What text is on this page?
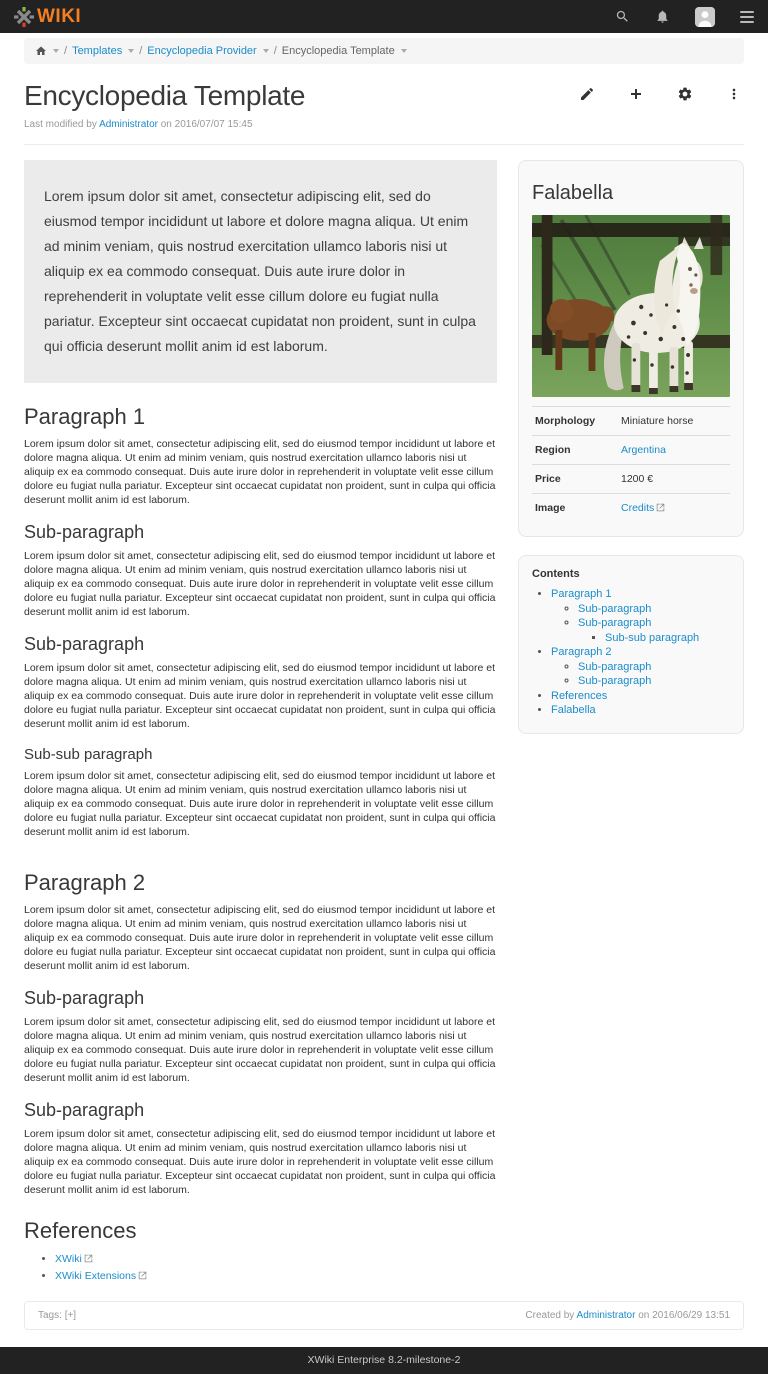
WIKI
/ Templates / Encyclopedia Provider / Encyclopedia Template
Encyclopedia Template
Last modified by Administrator on 2016/07/07 15:45
Lorem ipsum dolor sit amet, consectetur adipiscing elit, sed do eiusmod tempor incididunt ut labore et dolore magna aliqua. Ut enim ad minim veniam, quis nostrud exercitation ullamco laboris nisi ut aliquip ex ea commodo consequat. Duis aute irure dolor in reprehenderit in voluptate velit esse cillum dolore eu fugiat nulla pariatur. Excepteur sint occaecat cupidatat non proident, sunt in culpa qui officia deserunt mollit anim id est laborum.
Paragraph 1

Lorem ipsum dolor sit amet, consectetur adipiscing elit, sed do eiusmod tempor incididunt ut labore et dolore magna aliqua. Ut enim ad minim veniam, quis nostrud exercitation ullamco laboris nisi ut aliquip ex ea commodo consequat. Duis aute irure dolor in reprehenderit in voluptate velit esse cillum dolore eu fugiat nulla pariatur. Excepteur sint occaecat cupidatat non proident, sunt in culpa qui officia deserunt mollit anim id est laborum.

Sub-paragraph

Lorem ipsum dolor sit amet, consectetur adipiscing elit, sed do eiusmod tempor incididunt ut labore et dolore magna aliqua. Ut enim ad minim veniam, quis nostrud exercitation ullamco laboris nisi ut aliquip ex ea commodo consequat. Duis aute irure dolor in reprehenderit in voluptate velit esse cillum dolore eu fugiat nulla pariatur. Excepteur sint occaecat cupidatat non proident, sunt in culpa qui officia deserunt mollit anim id est laborum.

Sub-paragraph

Lorem ipsum dolor sit amet, consectetur adipiscing elit, sed do eiusmod tempor incididunt ut labore et dolore magna aliqua. Ut enim ad minim veniam, quis nostrud exercitation ullamco laboris nisi ut aliquip ex ea commodo consequat. Duis aute irure dolor in reprehenderit in voluptate velit esse cillum dolore eu fugiat nulla pariatur. Excepteur sint occaecat cupidatat non proident, sunt in culpa qui officia deserunt mollit anim id est laborum.

Sub-sub paragraph

Lorem ipsum dolor sit amet, consectetur adipiscing elit, sed do eiusmod tempor incididunt ut labore et dolore magna aliqua. Ut enim ad minim veniam, quis nostrud exercitation ullamco laboris nisi ut aliquip ex ea commodo consequat. Duis aute irure dolor in reprehenderit in voluptate velit esse cillum dolore eu fugiat nulla pariatur. Excepteur sint occaecat cupidatat non proident, sunt in culpa qui officia deserunt mollit anim id est laborum.

Paragraph 2

Lorem ipsum dolor sit amet, consectetur adipiscing elit, sed do eiusmod tempor incididunt ut labore et dolore magna aliqua. Ut enim ad minim veniam, quis nostrud exercitation ullamco laboris nisi ut aliquip ex ea commodo consequat. Duis aute irure dolor in reprehenderit in voluptate velit esse cillum dolore eu fugiat nulla pariatur. Excepteur sint occaecat cupidatat non proident, sunt in culpa qui officia deserunt mollit anim id est laborum.

Sub-paragraph

Lorem ipsum dolor sit amet, consectetur adipiscing elit, sed do eiusmod tempor incididunt ut labore et dolore magna aliqua. Ut enim ad minim veniam, quis nostrud exercitation ullamco laboris nisi ut aliquip ex ea commodo consequat. Duis aute irure dolor in reprehenderit in voluptate velit esse cillum dolore eu fugiat nulla pariatur. Excepteur sint occaecat cupidatat non proident, sunt in culpa qui officia deserunt mollit anim id est laborum.

Sub-paragraph

Lorem ipsum dolor sit amet, consectetur adipiscing elit, sed do eiusmod tempor incididunt ut labore et dolore magna aliqua. Ut enim ad minim veniam, quis nostrud exercitation ullamco laboris nisi ut aliquip ex ea commodo consequat. Duis aute irure dolor in reprehenderit in voluptate velit esse cillum dolore eu fugiat nulla pariatur. Excepteur sint occaecat cupidatat non proident, sunt in culpa qui officia deserunt mollit anim id est laborum.

References
• XWiki
• XWiki Extensions
Falabella
Morphology	Miniature horse
Region	Argentina
Price	1200 €
Image	Credits
Contents
• Paragraph 1
◦ Sub-paragraph
◦ Sub-paragraph
▪ Sub-sub paragraph
• Paragraph 2
◦ Sub-paragraph
◦ Sub-paragraph
• References
• Falabella
Tags: [+]	Created by Administrator on 2016/06/29 13:51
XWiki Enterprise 8.2-milestone-2
